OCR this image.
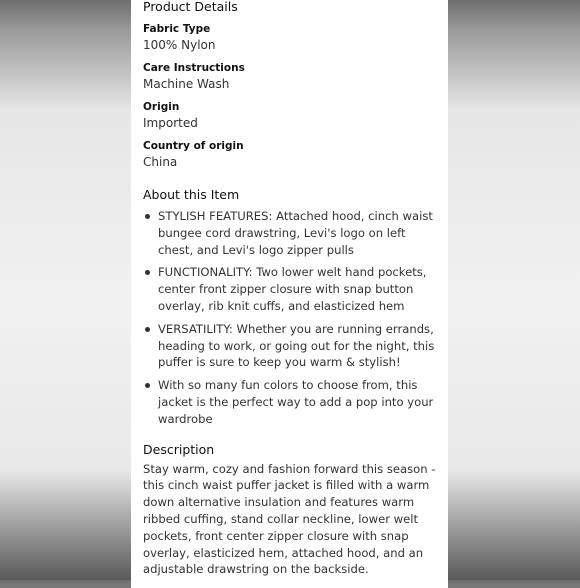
Product Details
Fabric Type
100% Nylon
Care Instructions
Machine Wash
Origin
Imported
Country of origin
China
About this Item
STYLISH FEATURES: Attached hood, cinch waist bungee cord drawstring, Levi's logo on left chest, and Levi's logo zipper pulls
FUNCTIONALITY: Two lower welt hand pockets, center front zipper closure with snap button overlay, rib knit cuffs, and elasticized hem
VERSATILITY: Whether you are running errands, heading to work, or going out for the night, this puffer is sure to keep you warm & stylish!
With so many fun colors to choose from, this jacket is the perfect way to add a pop into your wardrobe
Description
Stay warm, cozy and fashion forward this season - this cinch waist puffer jacket is filled with a warm down alternative insulation and features warm ribbed cuffing, stand collar neckline, lower welt pockets, front center zipper closure with snap overlay, elasticized hem, attached hood, and an adjustable drawstring on the backside.
